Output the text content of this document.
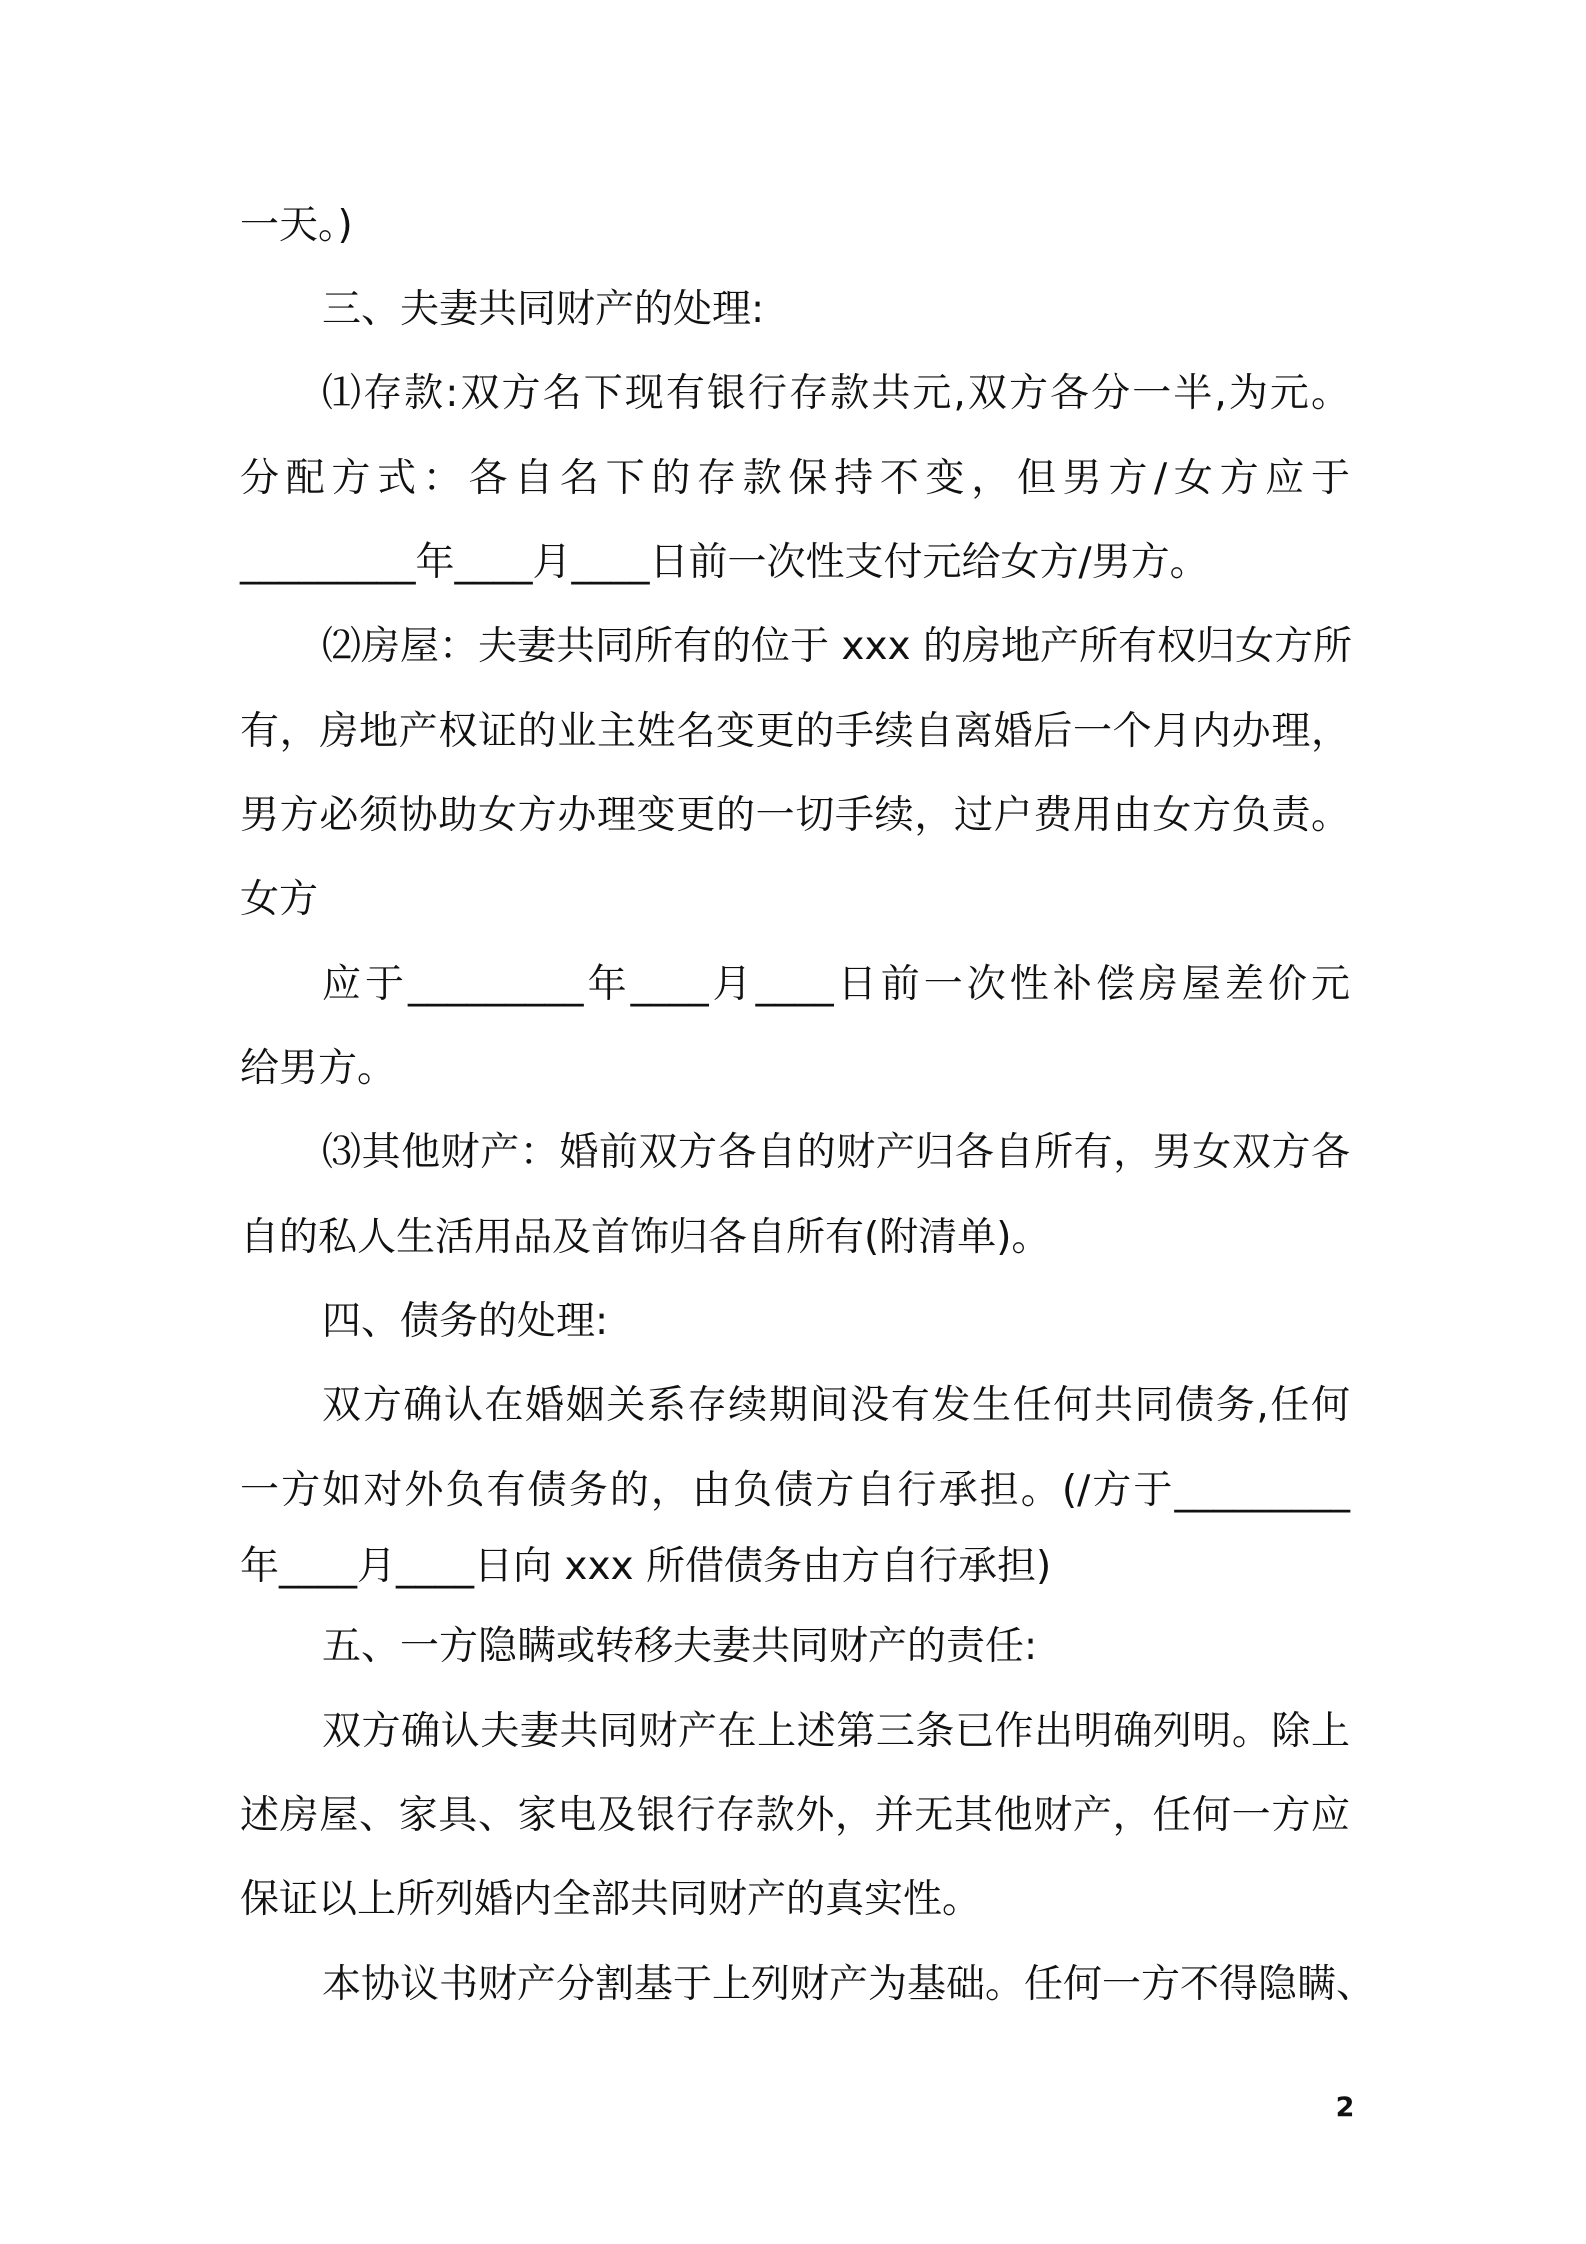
一天。)
三、夫妻共同财产的处理:
⑴存款:双方名下现有银行存款共元,双方各分一半,为元。
分配方式：各自名下的存款保持不变，但男方/女方应于
_________年____月____日前一次性支付元给女方/男方。
⑵房屋：夫妻共同所有的位于 xxx 的房地产所有权归女方所
有，房地产权证的业主姓名变更的手续自离婚后一个月内办理，
男方必须协助女方办理变更的一切手续，过户费用由女方负责。
女方
应于_________年____月____日前一次性补偿房屋差价元
给男方。
⑶其他财产：婚前双方各自的财产归各自所有，男女双方各
自的私人生活用品及首饰归各自所有(附清单)。
四、债务的处理:
双方确认在婚姻关系存续期间没有发生任何共同债务,任何
一方如对外负有债务的，由负债方自行承担。(/方于_________
年____月____日向 xxx 所借债务由方自行承担)
五、一方隐瞒或转移夫妻共同财产的责任:
双方确认夫妻共同财产在上述第三条已作出明确列明。除上
述房屋、家具、家电及银行存款外，并无其他财产，任何一方应
保证以上所列婚内全部共同财产的真实性。
本协议书财产分割基于上列财产为基础。任何一方不得隐瞒、
2
